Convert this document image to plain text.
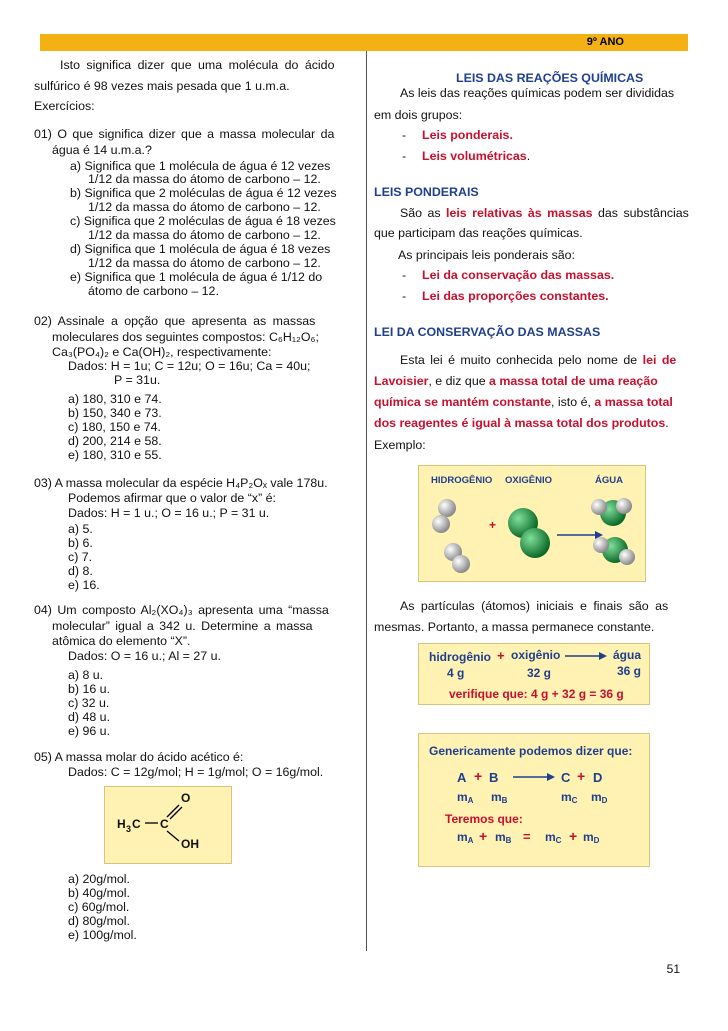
9º ANO
Isto significa dizer que uma molécula do ácido
sulfúrico é 98 vezes mais pesada que 1 u.m.a.
Exercícios:
01) O que significa dizer que a massa molecular da
água é 14 u.m.a.?
a) Significa que 1 molécula de água é 12 vezes
1/12 da massa do átomo de carbono – 12.
b) Significa que 2 moléculas de água é 12 vezes
1/12 da massa do átomo de carbono – 12.
c) Significa que 2 moléculas de água é 18 vezes
1/12 da massa do átomo de carbono – 12.
d) Significa que 1 molécula de água é 18 vezes
1/12 da massa do átomo de carbono – 12.
e) Significa que 1 molécula de água é 1/12 do
átomo de carbono – 12.
02) Assinale a opção que apresenta as massas
moleculares dos seguintes compostos: C₆H₁₂O₆;
Ca₃(PO₄)₂ e Ca(OH)₂, respectivamente:
Dados: H = 1u; C = 12u; O = 16u; Ca = 40u;
P = 31u.
a) 180, 310 e 74.
b) 150, 340 e 73.
c) 180, 150 e 74.
d) 200, 214 e 58.
e) 180, 310 e 55.
03) A massa molecular da espécie H₄P₂Oₓ vale 178u.
Podemos afirmar que o valor de “x” é:
Dados: H = 1 u.; O = 16 u.; P = 31 u.
a) 5.
b) 6.
c) 7.
d) 8.
e) 16.
04) Um composto Al₂(XO₄)₃ apresenta uma “massa
molecular” igual a 342 u. Determine a massa
atômica do elemento “X”.
Dados: O = 16 u.; Al = 27 u.
a) 8 u.
b) 16 u.
c) 32 u.
d) 48 u.
e) 96 u.
05) A massa molar do ácido acético é:
Dados: C = 12g/mol; H = 1g/mol; O = 16g/mol.
O
H 3 C C
OH
a) 20g/mol.
b) 40g/mol.
c) 60g/mol.
d) 80g/mol.
e) 100g/mol.
LEIS DAS REAÇÕES QUÍMICAS
As leis das reações químicas podem ser divididas
em dois grupos:
- Leis ponderais.
- Leis volumétricas.
LEIS PONDERAIS
São as leis relativas às massas das substâncias
que participam das reações químicas.
As principais leis ponderais são:
- Lei da conservação das massas.
- Lei das proporções constantes.
LEI DA CONSERVAÇÃO DAS MASSAS
Esta lei é muito conhecida pelo nome de lei de
Lavoisier, e diz que a massa total de uma reação
química se mantém constante, isto é, a massa total
dos reagentes é igual à massa total dos produtos.
Exemplo:
HIDROGÊNIO OXIGÊNIO	ÁGUA
+
As partículas (átomos) iniciais e finais são as
mesmas. Portanto, a massa permanece constante.
hidrogênio + oxigênio	água
4 g	32 g	36 g
verifique que: 4 g + 32 g = 36 g
Genericamente podemos dizer que:
A + B	C + D
$m_A$ $m_B$	$m_C$ $m_D$
Teremos que:
$m_A + m_B = m_C + m_D$
51
